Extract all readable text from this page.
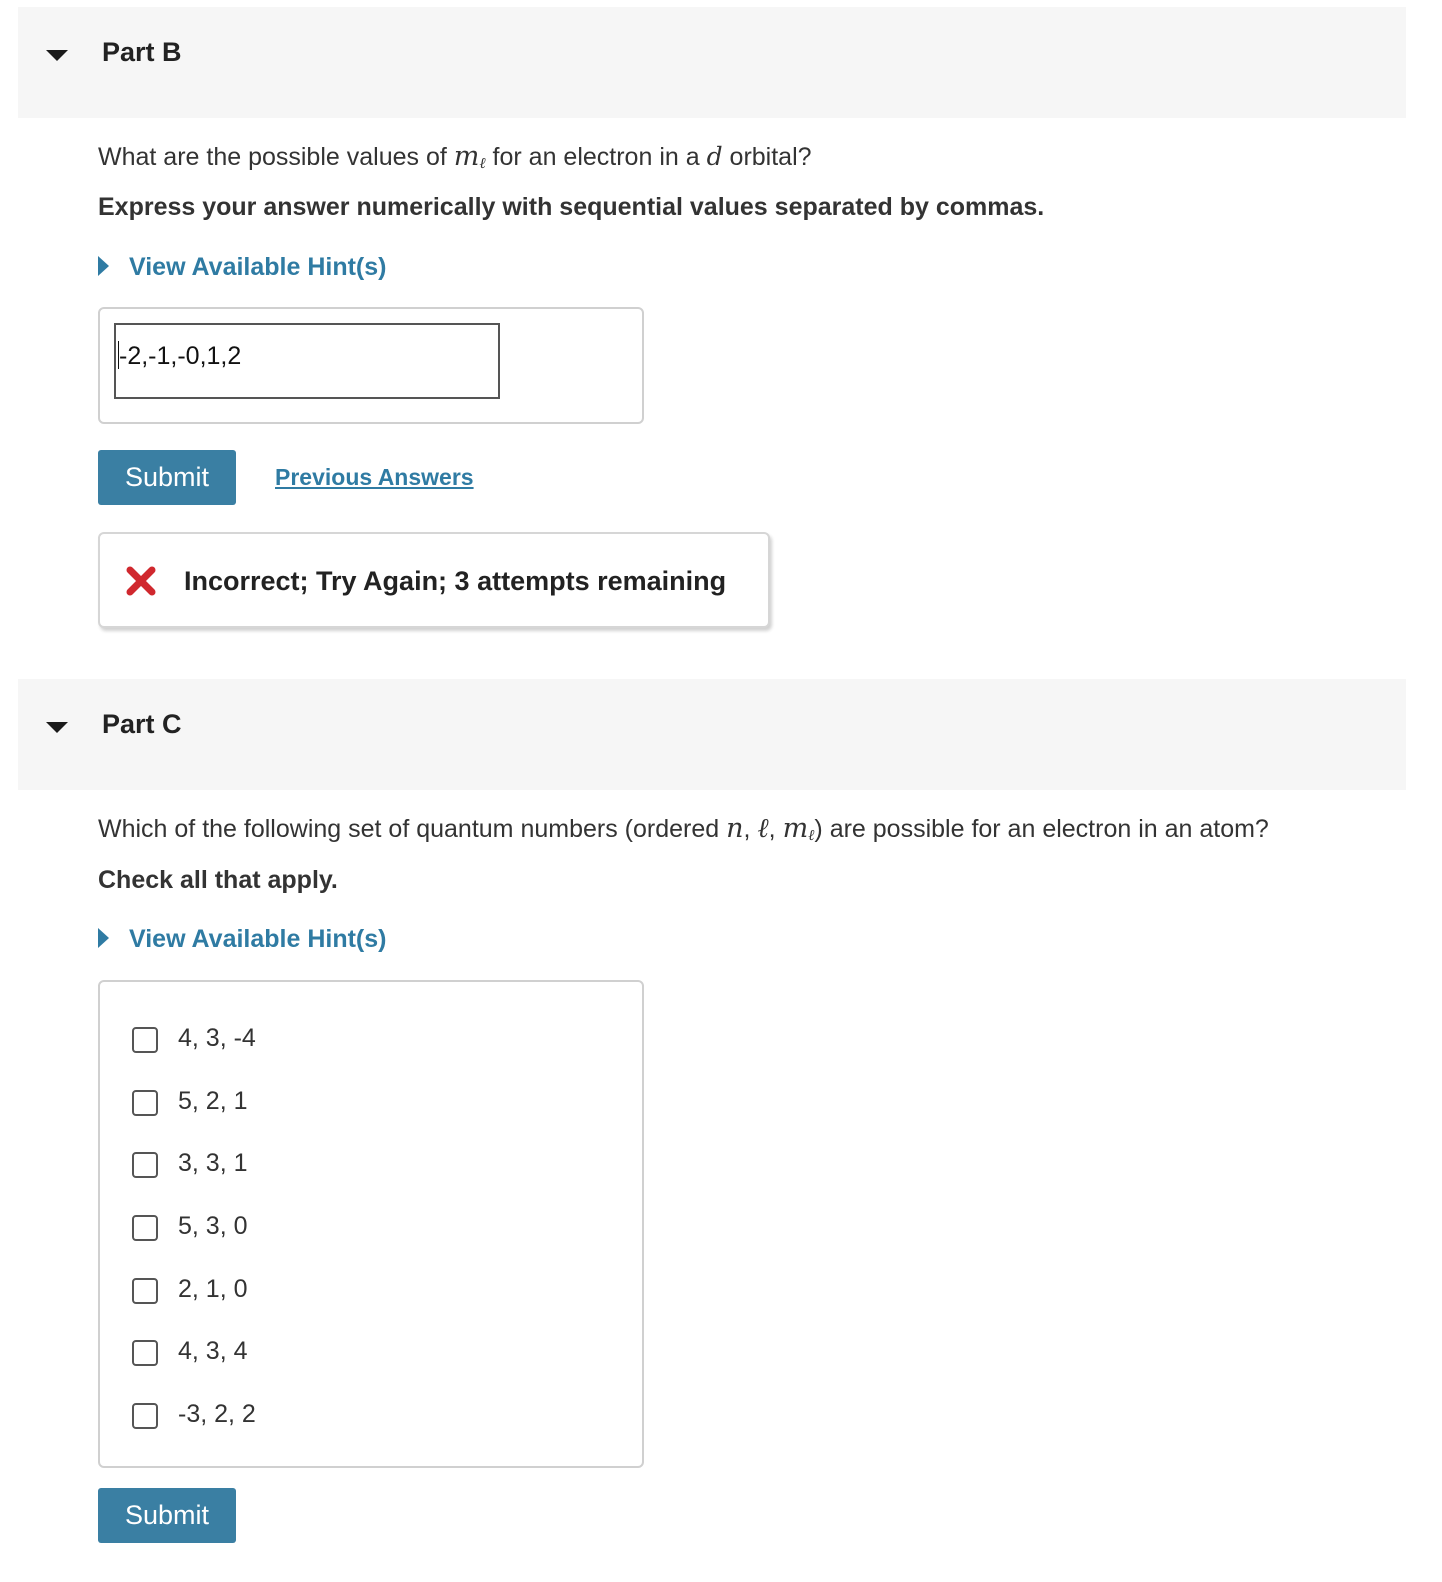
Part B
What are the possible values of $m_\ell$ for an electron in a d orbital?
Express your answer numerically with sequential values separated by commas.
View Available Hint(s)
-2,-1,-0,1,2
Submit	Previous Answers
Incorrect; Try Again; 3 attempts remaining
Part C
Which of the following set of quantum numbers (ordered n, ℓ, $m_\ell$) are possible for an electron in an atom?
Check all that apply.
View Available Hint(s)
4, 3, -4
5, 2, 1
3, 3, 1
5, 3, 0
2, 1, 0
4, 3, 4
-3, 2, 2
Submit
